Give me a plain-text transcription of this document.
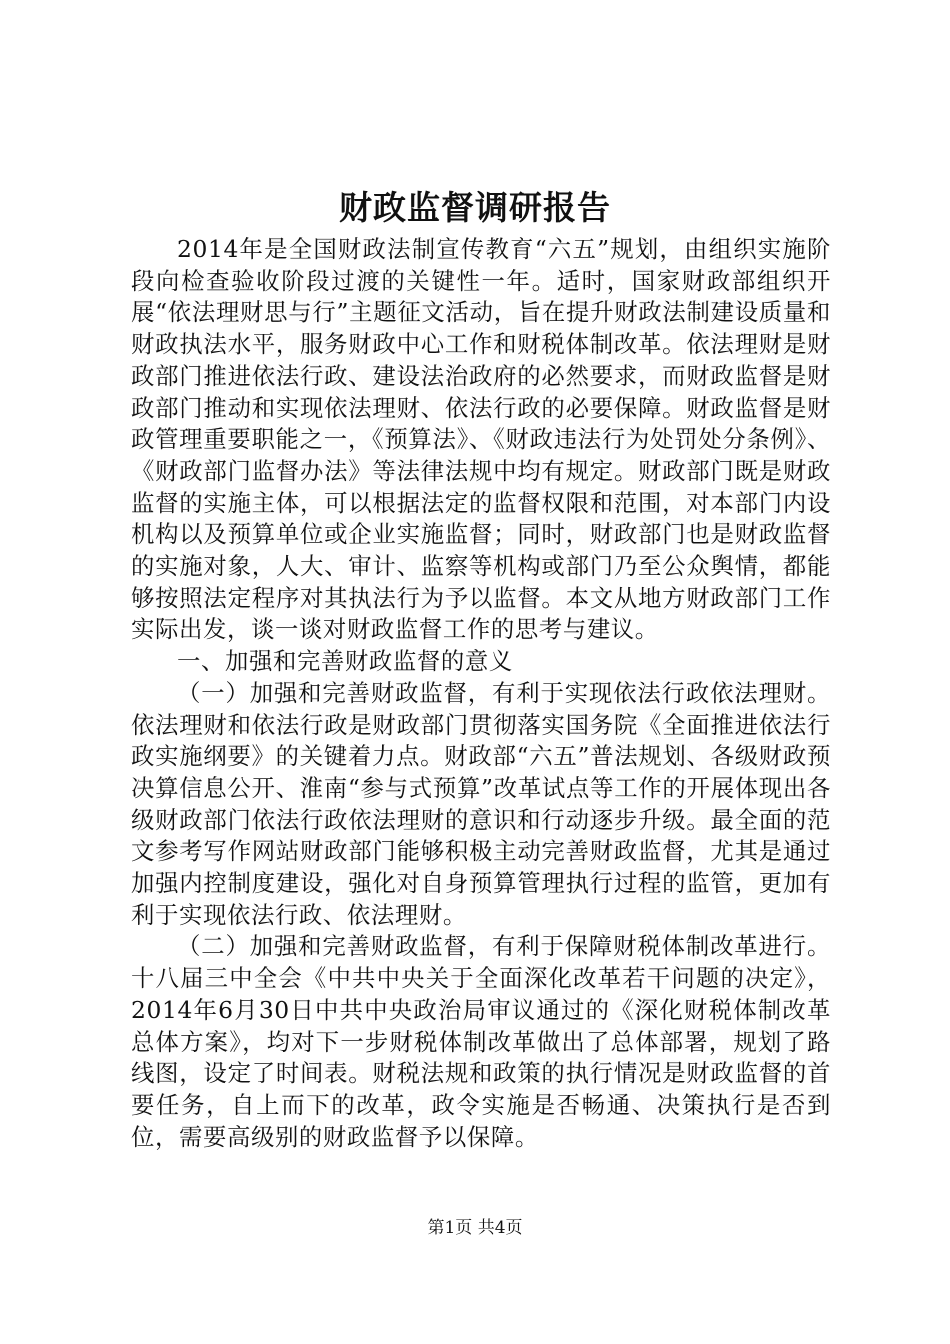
财政监督调研报告

2014年是全国财政法制宣传教育“六五”规划，由组织实施阶段向检查验收阶段过渡的关键性一年。适时，国家财政部组织开展“依法理财思与行”主题征文活动，旨在提升财政法制建设质量和财政执法水平，服务财政中心工作和财税体制改革。依法理财是财政部门推进依法行政、建设法治政府的必然要求，而财政监督是财政部门推动和实现依法理财、依法行政的必要保障。财政监督是财政管理重要职能之一，《预算法》、《财政违法行为处罚处分条例》、《财政部门监督办法》等法律法规中均有规定。财政部门既是财政监督的实施主体，可以根据法定的监督权限和范围，对本部门内设机构以及预算单位或企业实施监督；同时，财政部门也是财政监督的实施对象，人大、审计、监察等机构或部门乃至公众舆情，都能够按照法定程序对其执法行为予以监督。本文从地方财政部门工作实际出发，谈一谈对财政监督工作的思考与建议。

一、加强和完善财政监督的意义

（一）加强和完善财政监督，有利于实现依法行政依法理财。依法理财和依法行政是财政部门贯彻落实国务院《全面推进依法行政实施纲要》的关键着力点。财政部“六五”普法规划、各级财政预决算信息公开、淮南“参与式预算”改革试点等工作的开展体现出各级财政部门依法行政依法理财的意识和行动逐步升级。最全面的范文参考写作网站财政部门能够积极主动完善财政监督，尤其是通过加强内控制度建设，强化对自身预算管理执行过程的监管，更加有利于实现依法行政、依法理财。

（二）加强和完善财政监督，有利于保障财税体制改革进行。十八届三中全会《中共中央关于全面深化改革若干问题的决定》，2014年6月30日中共中央政治局审议通过的《深化财税体制改革总体方案》，均对下一步财税体制改革做出了总体部署，规划了路线图，设定了时间表。财税法规和政策的执行情况是财政监督的首要任务，自上而下的改革，政令实施是否畅通、决策执行是否到位，需要高级别的财政监督予以保障。

第1页 共4页
